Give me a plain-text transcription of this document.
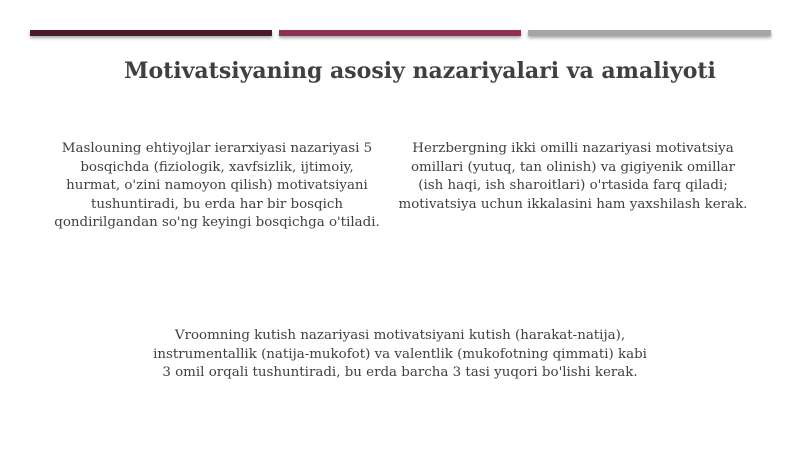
Motivatsiyaning asosiy nazariyalari va amaliyoti

Maslouning ehtiyojlar ierarxiyasi nazariyasi 5 bosqichda (fiziologik, xavfsizlik, ijtimoiy, hurmat, o'zini namoyon qilish) motivatsiyani tushuntiradi, bu erda har bir bosqich qondirilgandan so'ng keyingi bosqichga o'tiladi.

Herzbergning ikki omilli nazariyasi motivatsiya omillari (yutuq, tan olinish) va gigiyenik omillar (ish haqi, ish sharoitlari) o'rtasida farq qiladi; motivatsiya uchun ikkalasini ham yaxshilash kerak.

Vroomning kutish nazariyasi motivatsiyani kutish (harakat-natija), instrumentallik (natija-mukofot) va valentlik (mukofotning qimmati) kabi 3 omil orqali tushuntiradi, bu erda barcha 3 tasi yuqori bo'lishi kerak.
